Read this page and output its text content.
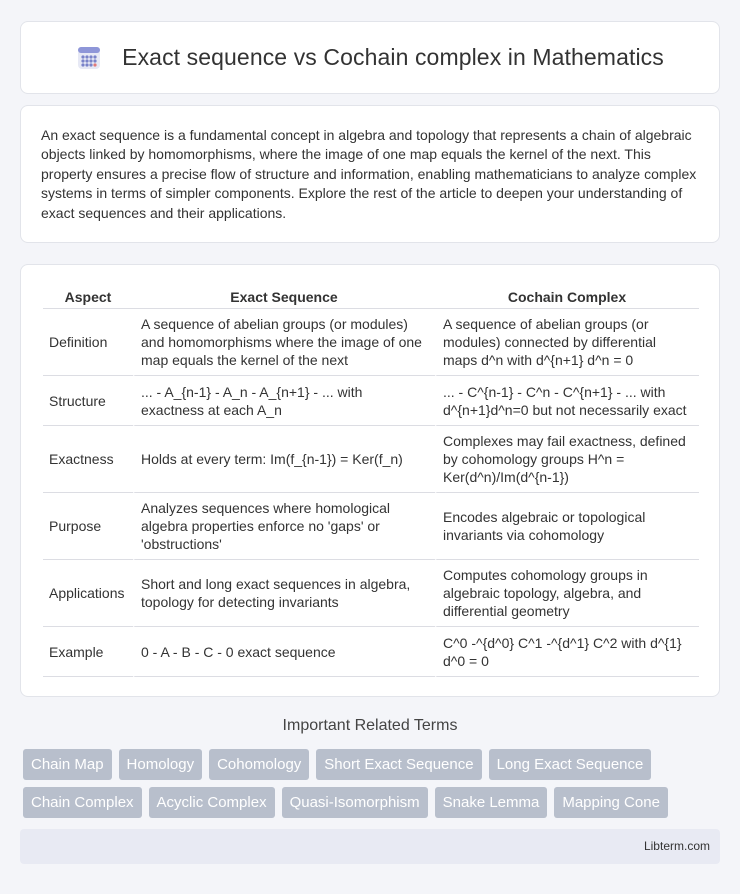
Exact sequence vs Cochain complex in Mathematics

An exact sequence is a fundamental concept in algebra and topology that represents a chain of algebraic objects linked by homomorphisms, where the image of one map equals the kernel of the next. This property ensures a precise flow of structure and information, enabling mathematicians to analyze complex systems in terms of simpler components. Explore the rest of the article to deepen your understanding of exact sequences and their applications.

Aspect	Exact Sequence	Cochain Complex
Definition	A sequence of abelian groups (or modules) and homomorphisms where the image of one map equals the kernel of the next	A sequence of abelian groups (or modules) connected by differential maps d^n with d^{n+1} d^n = 0
Structure	... - A_{n-1} - A_n - A_{n+1} - ... with exactness at each A_n	... - C^{n-1} - C^n - C^{n+1} - ... with d^{n+1}d^n=0 but not necessarily exact
Exactness	Holds at every term: Im(f_{n-1}) = Ker(f_n)	Complexes may fail exactness, defined by cohomology groups H^n = Ker(d^n)/Im(d^{n-1})
Purpose	Analyzes sequences where homological algebra properties enforce no 'gaps' or 'obstructions'	Encodes algebraic or topological invariants via cohomology
Applications	Short and long exact sequences in algebra, topology for detecting invariants	Computes cohomology groups in algebraic topology, algebra, and differential geometry
Example	0 - A - B - C - 0 exact sequence	C^0 -^{d^0} C^1 -^{d^1} C^2 with d^{1} d^0 = 0
Important Related Terms
Chain Map	Homology	Cohomology	Short Exact Sequence	Long Exact Sequence
Chain Complex	Acyclic Complex	Quasi-Isomorphism	Snake Lemma	Mapping Cone
Libterm.com
